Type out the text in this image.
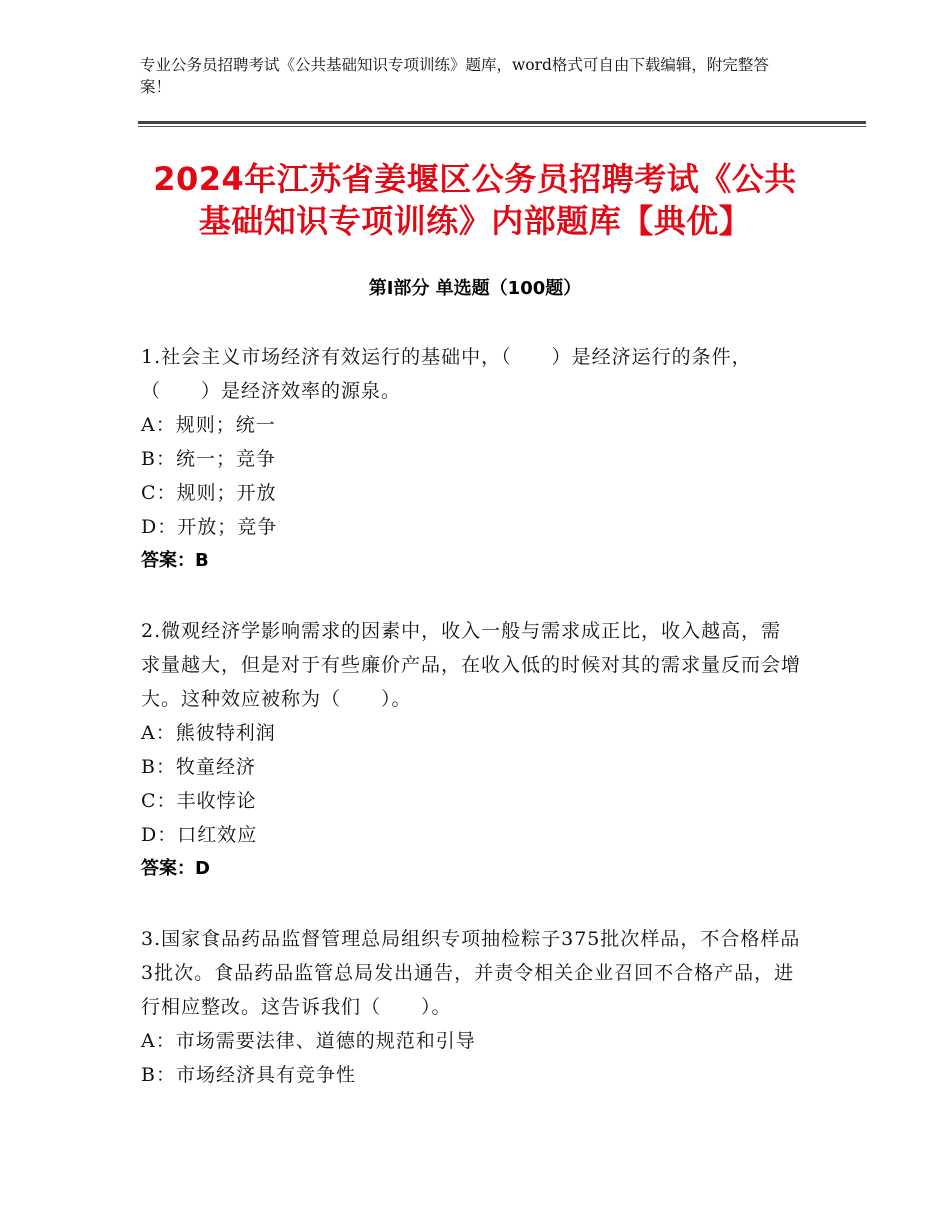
专业公务员招聘考试《公共基础知识专项训练》题库，word格式可自由下载编辑，附完整答案！
2024年江苏省姜堰区公务员招聘考试《公共
基础知识专项训练》内部题库【典优】
第Ⅰ部分 单选题（100题）
1.社会主义市场经济有效运行的基础中，（　　）是经济运行的条件，（　　）是经济效率的源泉。
A：规则；统一
B：统一；竞争
C：规则；开放
D：开放；竞争
答案：B
2.微观经济学影响需求的因素中，收入一般与需求成正比，收入越高，需求量越大，但是对于有些廉价产品，在收入低的时候对其的需求量反而会增大。这种效应被称为（　　）。
A：熊彼特利润
B：牧童经济
C：丰收悖论
D：口红效应
答案：D
3.国家食品药品监督管理总局组织专项抽检粽子375批次样品，不合格样品3批次。食品药品监管总局发出通告，并责令相关企业召回不合格产品，进行相应整改。这告诉我们（　　）。
A：市场需要法律、道德的规范和引导
B：市场经济具有竞争性
